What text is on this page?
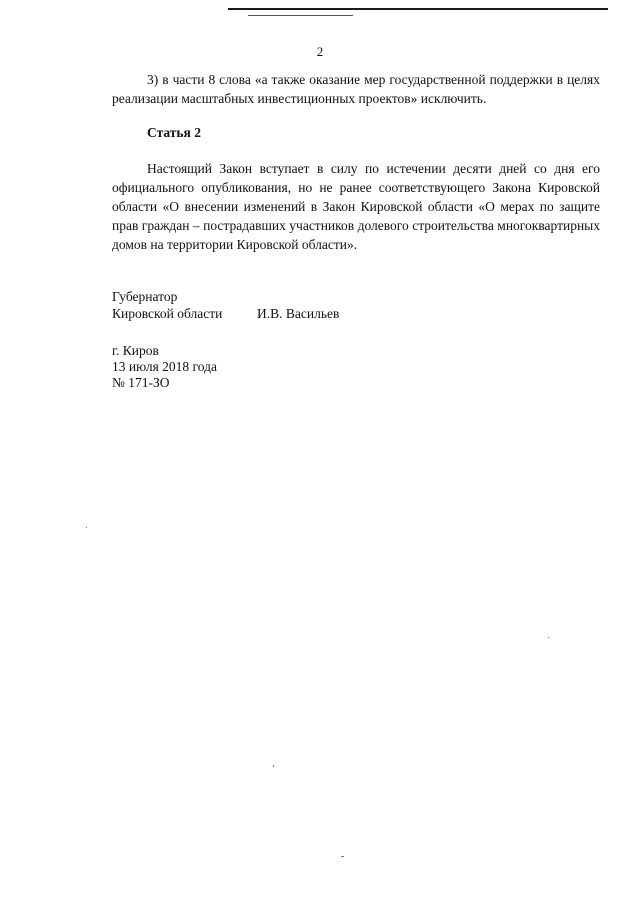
2
3) в части 8 слова «а также оказание мер государственной поддержки в целях реализации масштабных инвестиционных проектов» исключить.
Статья 2
Настоящий Закон вступает в силу по истечении десяти дней со дня его официального опубликования, но не ранее соответствующего Закона Кировской области «О внесении изменений в Закон Кировской области «О мерах по защите прав граждан – пострадавших участников долевого строительства многоквартирных домов на территории Кировской области».
Губернатор
Кировской области	И.В. Васильев
г. Киров
13 июля 2018 года
№ 171-ЗО
